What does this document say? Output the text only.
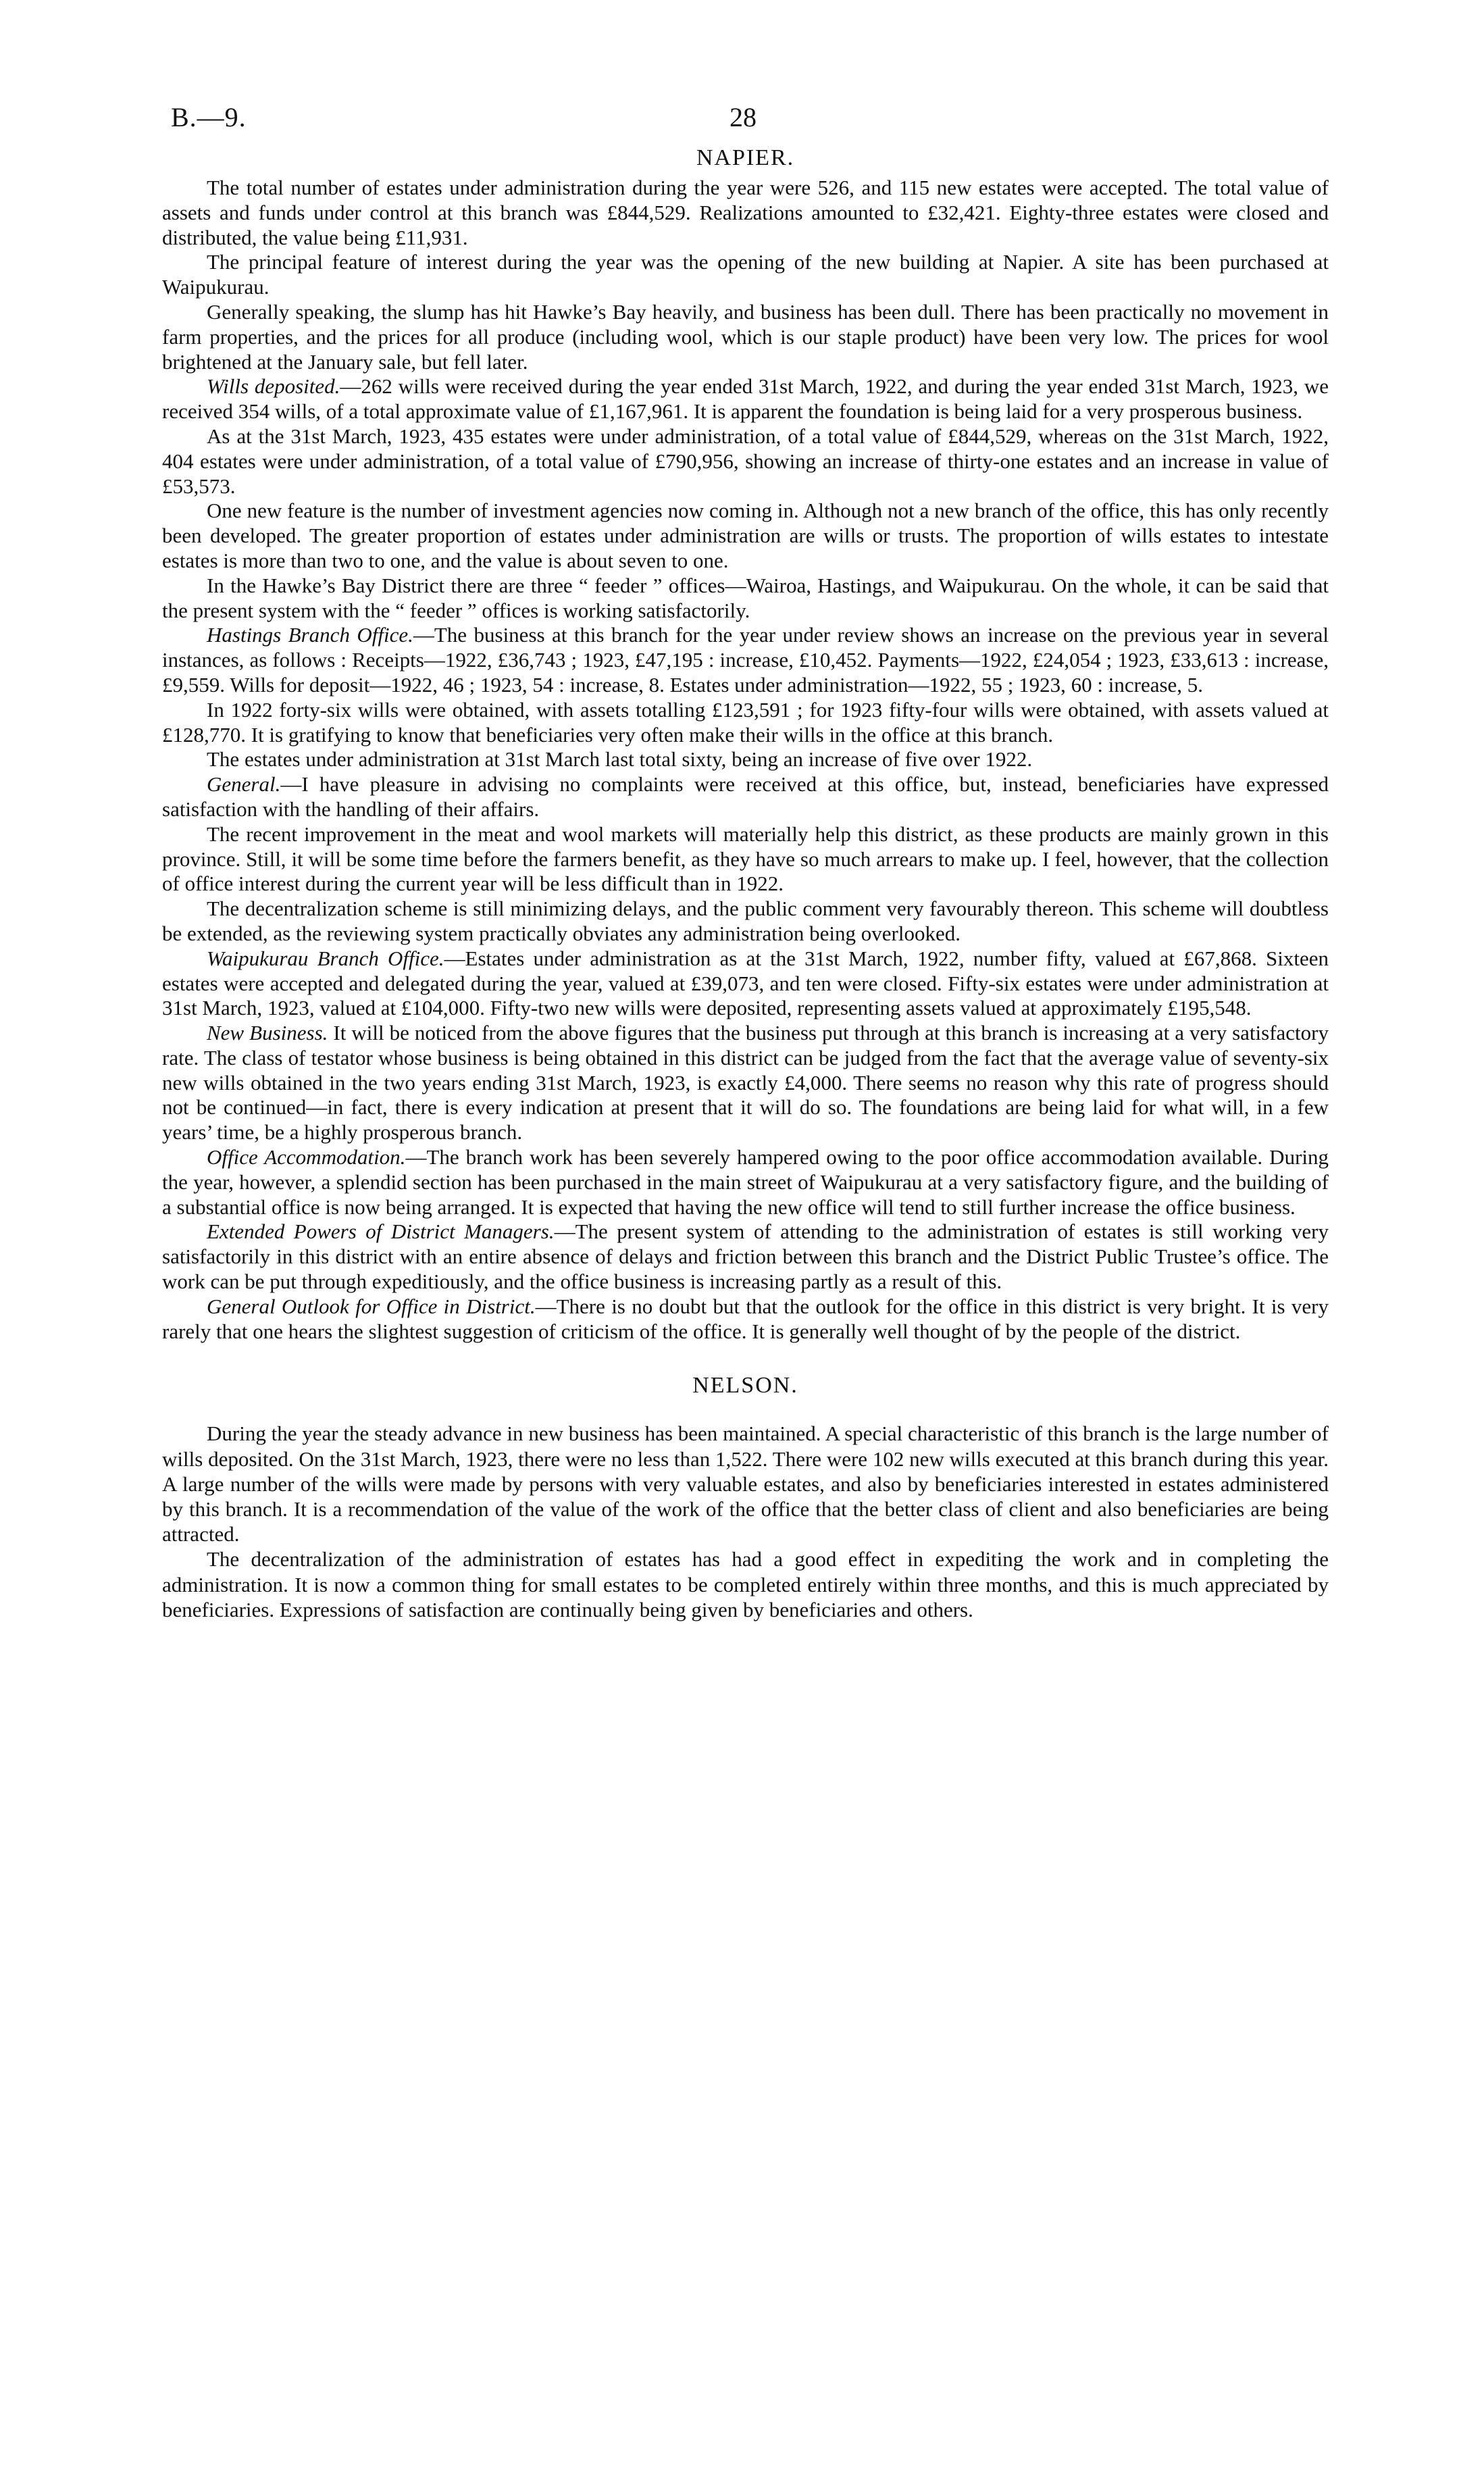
B.—9.	28
NAPIER.

The total number of estates under administration during the year were 526, and 115 new estates were accepted. The total value of assets and funds under control at this branch was £844,529. Realizations amounted to £32,421. Eighty-three estates were closed and distributed, the value being £11,931.

The principal feature of interest during the year was the opening of the new building at Napier. A site has been purchased at Waipukurau.

Generally speaking, the slump has hit Hawke’s Bay heavily, and business has been dull. There has been practically no movement in farm properties, and the prices for all produce (including wool, which is our staple product) have been very low. The prices for wool brightened at the January sale, but fell later.

Wills deposited.—262 wills were received during the year ended 31st March, 1922, and during the year ended 31st March, 1923, we received 354 wills, of a total approximate value of £1,167,961. It is apparent the foundation is being laid for a very prosperous business.

As at the 31st March, 1923, 435 estates were under administration, of a total value of £844,529, whereas on the 31st March, 1922, 404 estates were under administration, of a total value of £790,956, showing an increase of thirty-one estates and an increase in value of £53,573.

One new feature is the number of investment agencies now coming in. Although not a new branch of the office, this has only recently been developed. The greater proportion of estates under administration are wills or trusts. The proportion of wills estates to intestate estates is more than two to one, and the value is about seven to one.

In the Hawke’s Bay District there are three “ feeder ” offices—Wairoa, Hastings, and Waipukurau. On the whole, it can be said that the present system with the “ feeder ” offices is working satisfactorily.

Hastings Branch Office.—The business at this branch for the year under review shows an increase on the previous year in several instances, as follows : Receipts—1922, £36,743 ; 1923, £47,195 : increase, £10,452. Payments—1922, £24,054 ; 1923, £33,613 : increase, £9,559. Wills for deposit—1922, 46 ; 1923, 54 : increase, 8. Estates under administration—1922, 55 ; 1923, 60 : increase, 5.

In 1922 forty-six wills were obtained, with assets totalling £123,591 ; for 1923 fifty-four wills were obtained, with assets valued at £128,770. It is gratifying to know that beneficiaries very often make their wills in the office at this branch.

The estates under administration at 31st March last total sixty, being an increase of five over 1922.

General.—I have pleasure in advising no complaints were received at this office, but, instead, beneficiaries have expressed satisfaction with the handling of their affairs.

The recent improvement in the meat and wool markets will materially help this district, as these products are mainly grown in this province. Still, it will be some time before the farmers benefit, as they have so much arrears to make up. I feel, however, that the collection of office interest during the current year will be less difficult than in 1922.

The decentralization scheme is still minimizing delays, and the public comment very favourably thereon. This scheme will doubtless be extended, as the reviewing system practically obviates any administration being overlooked.

Waipukurau Branch Office.—Estates under administration as at the 31st March, 1922, number fifty, valued at £67,868. Sixteen estates were accepted and delegated during the year, valued at £39,073, and ten were closed. Fifty-six estates were under administration at 31st March, 1923, valued at £104,000. Fifty-two new wills were deposited, representing assets valued at approximately £195,548.

New Business. It will be noticed from the above figures that the business put through at this branch is increasing at a very satisfactory rate. The class of testator whose business is being obtained in this district can be judged from the fact that the average value of seventy-six new wills obtained in the two years ending 31st March, 1923, is exactly £4,000. There seems no reason why this rate of progress should not be continued—in fact, there is every indication at present that it will do so. The foundations are being laid for what will, in a few years’ time, be a highly prosperous branch.

Office Accommodation.—The branch work has been severely hampered owing to the poor office accommodation available. During the year, however, a splendid section has been purchased in the main street of Waipukurau at a very satisfactory figure, and the building of a substantial office is now being arranged. It is expected that having the new office will tend to still further increase the office business.

Extended Powers of District Managers.—The present system of attending to the administration of estates is still working very satisfactorily in this district with an entire absence of delays and friction between this branch and the District Public Trustee’s office. The work can be put through expeditiously, and the office business is increasing partly as a result of this.

General Outlook for Office in District.—There is no doubt but that the outlook for the office in this district is very bright. It is very rarely that one hears the slightest suggestion of criticism of the office. It is generally well thought of by the people of the district.

NELSON.

During the year the steady advance in new business has been maintained. A special characteristic of this branch is the large number of wills deposited. On the 31st March, 1923, there were no less than 1,522. There were 102 new wills executed at this branch during this year. A large number of the wills were made by persons with very valuable estates, and also by beneficiaries interested in estates administered by this branch. It is a recommendation of the value of the work of the office that the better class of client and also beneficiaries are being attracted.

The decentralization of the administration of estates has had a good effect in expediting the work and in completing the administration. It is now a common thing for small estates to be completed entirely within three months, and this is much appreciated by beneficiaries. Expressions of satisfaction are continually being given by beneficiaries and others.
